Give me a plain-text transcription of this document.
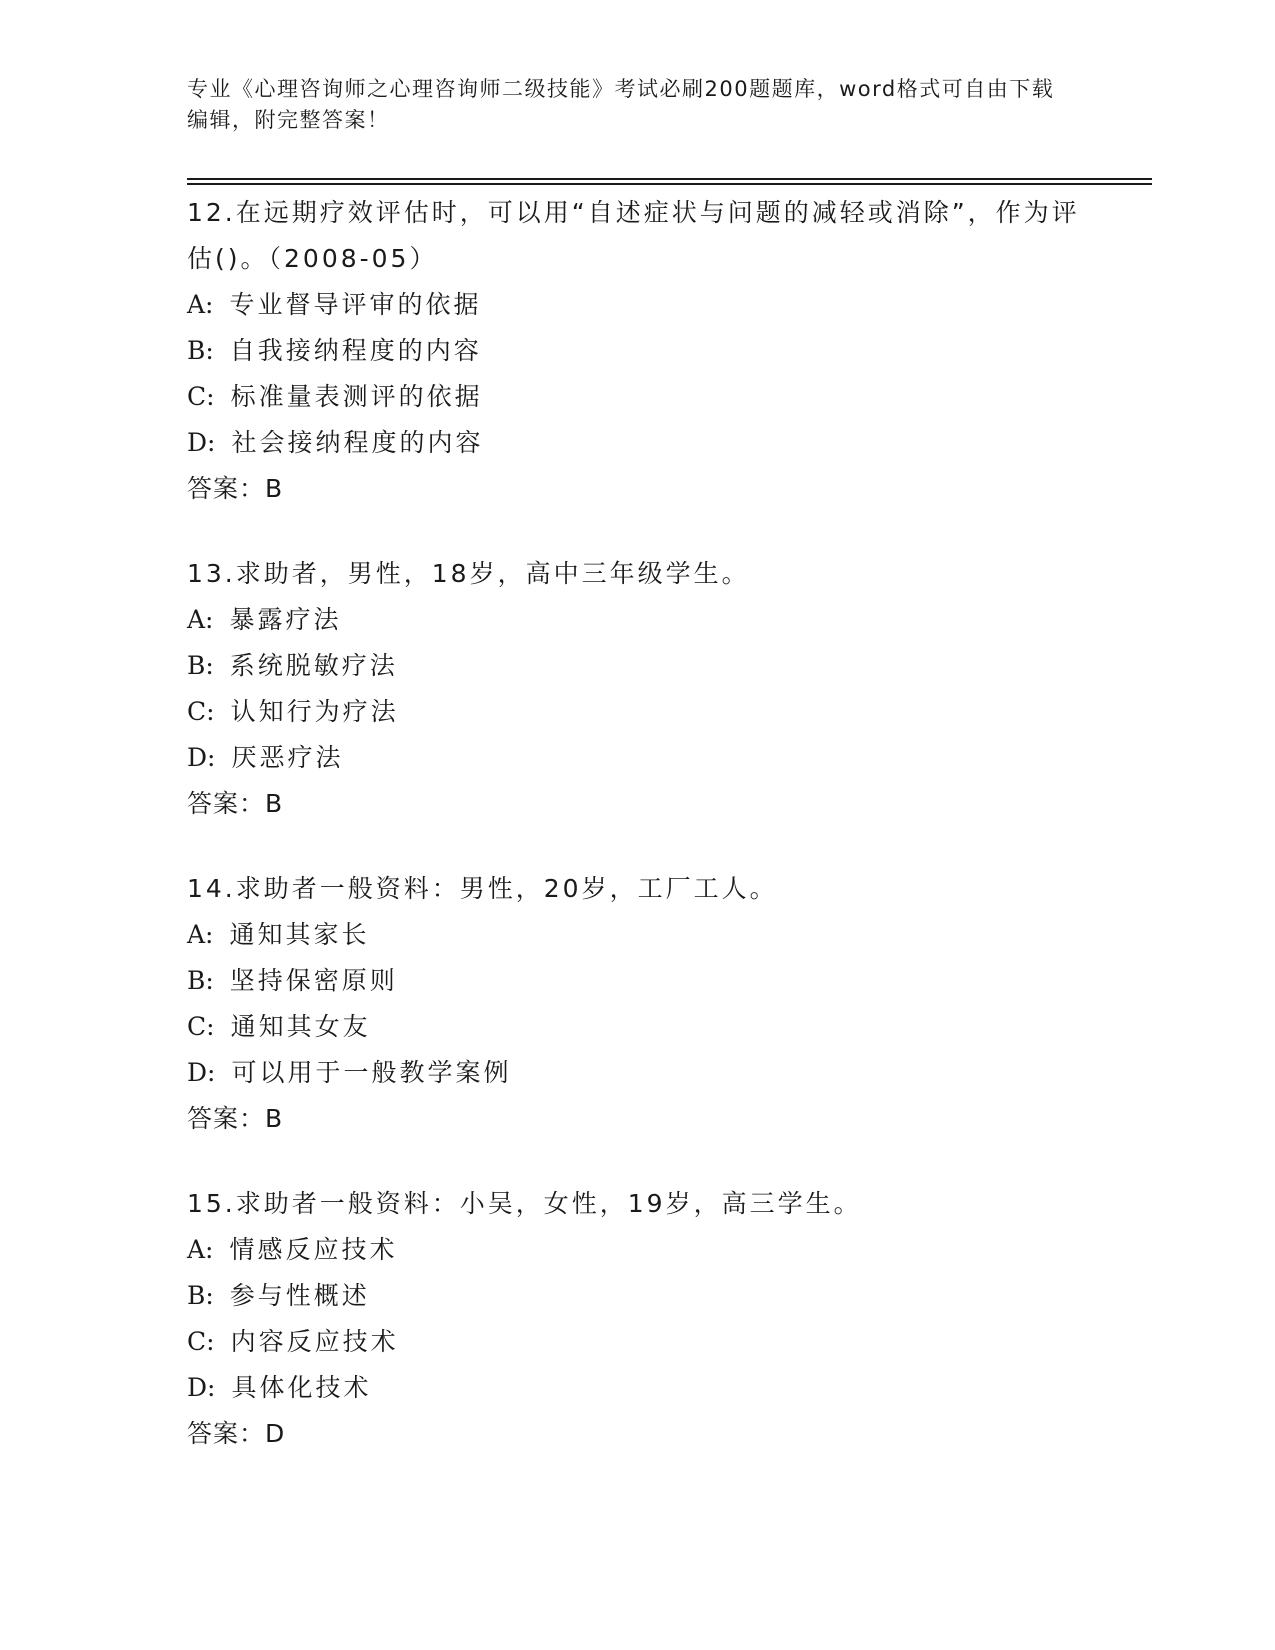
专业《心理咨询师之心理咨询师二级技能》考试必刷200题题库，word格式可自由下载编辑，附完整答案！
12.在远期疗效评估时，可以用“自述症状与问题的减轻或消除”，作为评估()。（2008-05）
A: 专业督导评审的依据
B: 自我接纳程度的内容
C: 标准量表测评的依据
D: 社会接纳程度的内容
答案：B
13.求助者，男性，18岁，高中三年级学生。
A: 暴露疗法
B: 系统脱敏疗法
C: 认知行为疗法
D: 厌恶疗法
答案：B
14.求助者一般资料：男性，20岁，工厂工人。
A: 通知其家长
B: 坚持保密原则
C: 通知其女友
D: 可以用于一般教学案例
答案：B
15.求助者一般资料：小吴，女性，19岁，高三学生。
A: 情感反应技术
B: 参与性概述
C: 内容反应技术
D: 具体化技术
答案：D
